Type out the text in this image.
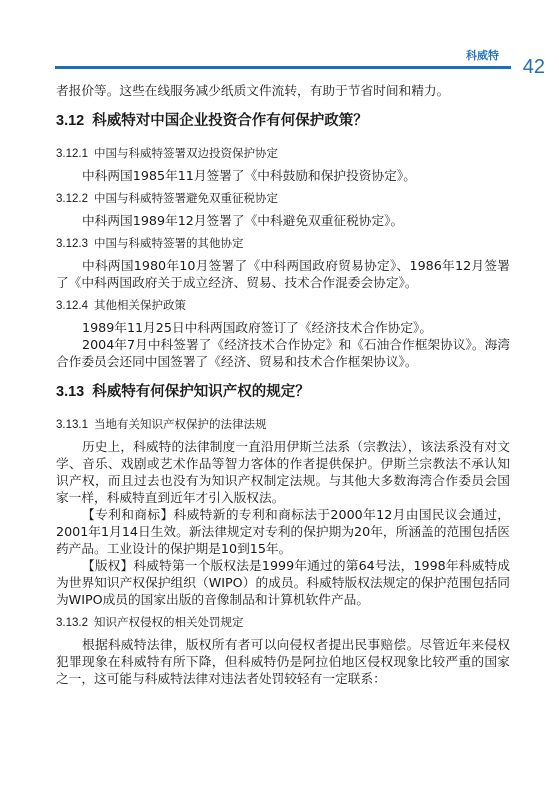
科威特
42

者报价等。这些在线服务减少纸质文件流转，有助于节省时间和精力。

3.12 科威特对中国企业投资合作有何保护政策？
3.12.1 中国与科威特签署双边投资保护协定

中科两国1985年11月签署了《中科鼓励和保护投资协定》。

3.12.2 中国与科威特签署避免双重征税协定

中科两国1989年12月签署了《中科避免双重征税协定》。

3.12.3 中国与科威特签署的其他协定

中科两国1980年10月签署了《中科两国政府贸易协定》、1986年12月签署了《中科两国政府关于成立经济、贸易、技术合作混委会协定》。

3.12.4 其他相关保护政策

1989年11月25日中科两国政府签订了《经济技术合作协定》。

2004年7月中科签署了《经济技术合作协定》和《石油合作框架协议》。海湾合作委员会还同中国签署了《经济、贸易和技术合作框架协议》。

3.13 科威特有何保护知识产权的规定？
3.13.1 当地有关知识产权保护的法律法规

历史上，科威特的法律制度一直沿用伊斯兰法系（宗教法），该法系没有对文学、音乐、戏剧或艺术作品等智力客体的作者提供保护。伊斯兰宗教法不承认知识产权，而且过去也没有为知识产权制定法规。与其他大多数海湾合作委员会国家一样，科威特直到近年才引入版权法。

【专利和商标】科威特新的专利和商标法于2000年12月由国民议会通过，2001年1月14日生效。新法律规定对专利的保护期为20年，所涵盖的范围包括医药产品。工业设计的保护期是10到15年。

【版权】科威特第一个版权法是1999年通过的第64号法，1998年科威特成为世界知识产权保护组织（WIPO）的成员。科威特版权法规定的保护范围包括同为WIPO成员的国家出版的音像制品和计算机软件产品。

3.13.2 知识产权侵权的相关处罚规定

根据科威特法律，版权所有者可以向侵权者提出民事赔偿。尽管近年来侵权犯罪现象在科威特有所下降，但科威特仍是阿拉伯地区侵权现象比较严重的国家之一，这可能与科威特法律对违法者处罚较轻有一定联系：
